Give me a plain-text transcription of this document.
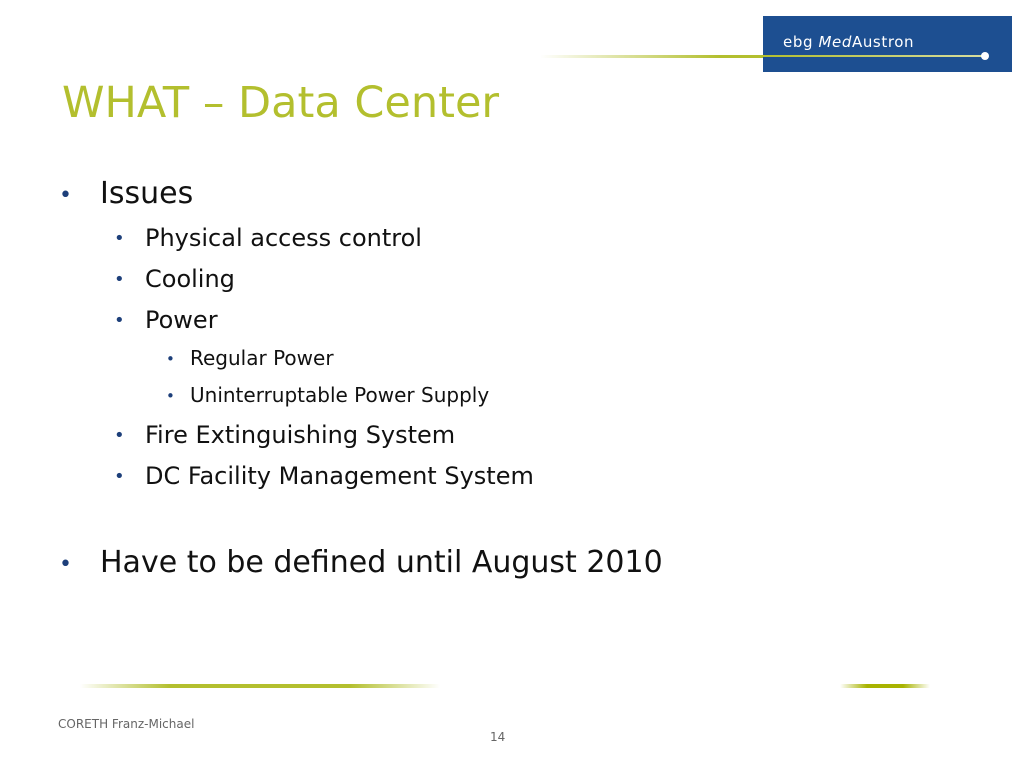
ebg MedAustron
WHAT – Data Center
• Issues
• Physical access control
• Cooling
• Power
• Regular Power
• Uninterruptable Power Supply
• Fire Extinguishing System
• DC Facility Management System
• Have to be defined until August 2010
CORETH Franz-Michael
14
